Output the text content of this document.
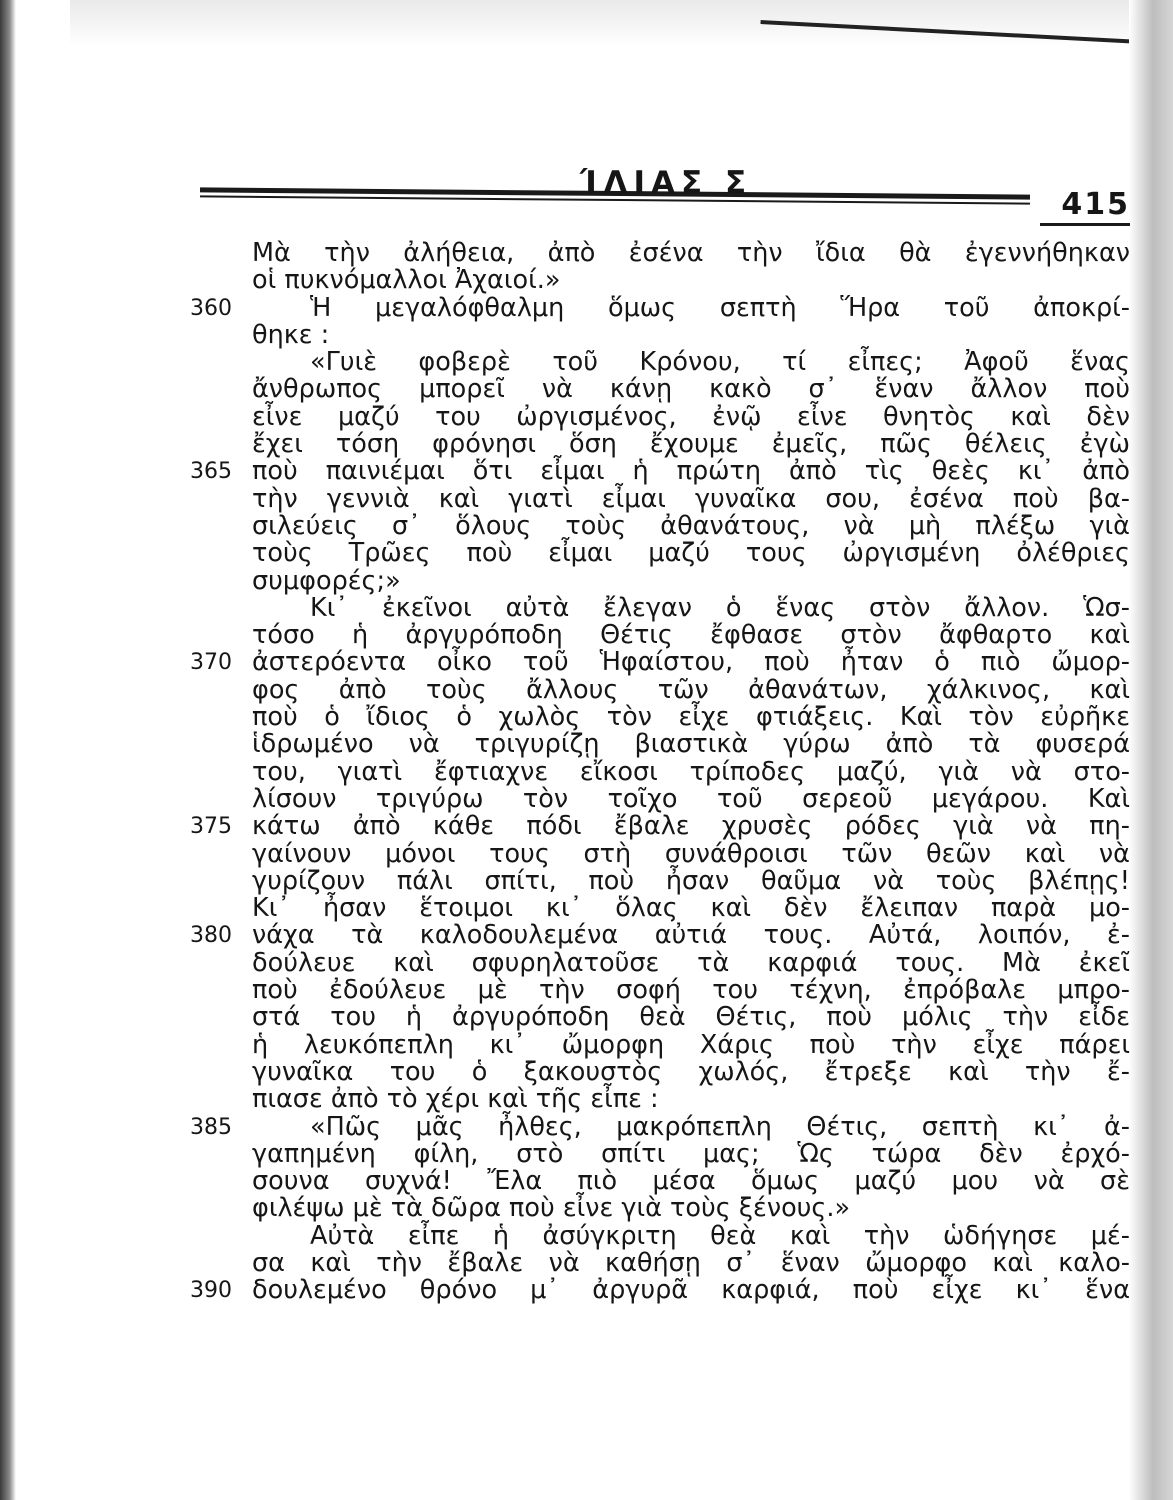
ΊΛΙΑΣ Σ
415
Μὰ τὴν ἀλήθεια, ἀπὸ ἐσένα τὴν ἴδια θὰ ἐγεννήθηκαν
οἱ πυκνόμαλλοι Ἀχαιοί.»
360	Ἡ μεγαλόφθαλμη ὅμως σεπτὴ Ἥρα τοῦ ἀποκρί-
θηκε :
«Γυιὲ φοβερὲ τοῦ Κρόνου, τί εἶπες; Ἀφοῦ ἕνας
ἄνθρωπος μπορεῖ νὰ κάνῃ κακὸ σ᾽ ἕναν ἄλλον ποὺ
εἶνε μαζύ του ὠργισμένος, ἐνῷ εἶνε θνητὸς καὶ δὲν
ἔχει τόση φρόνησι ὅση ἔχουμε ἐμεῖς, πῶς θέλεις ἐγὼ
365 ποὺ παινιέμαι ὅτι εἶμαι ἡ πρώτη ἀπὸ τὶς θεὲς κι᾽ ἀπὸ
τὴν γεννιὰ καὶ γιατὶ εἶμαι γυναῖκα σου, ἐσένα ποὺ βα-
σιλεύεις σ᾽ ὅλους τοὺς ἀθανάτους, νὰ μὴ πλέξω γιὰ
τοὺς Τρῶες ποὺ εἶμαι μαζύ τους ὠργισμένη ὀλέθριες
συμφορές;»
Κι᾽ ἐκεῖνοι αὐτὰ ἔλεγαν ὁ ἕνας στὸν ἄλλον. Ὡσ-
τόσο ἡ ἀργυρόποδη Θέτις ἔφθασε στὸν ἄφθαρτο καὶ
370 ἀστερόεντα οἶκο τοῦ Ἡφαίστου, ποὺ ἦταν ὁ πιὸ ὤμορ-
φος ἀπὸ τοὺς ἄλλους τῶν ἀθανάτων, χάλκινος, καὶ
ποὺ ὁ ἴδιος ὁ χωλὸς τὸν εἶχε φτιάξεις. Καὶ τὸν εὐρῆκε
ἱδρωμένο νὰ τριγυρίζῃ βιαστικὰ γύρω ἀπὸ τὰ φυσερά
του, γιατὶ ἔφτιαχνε εἴκοσι τρίποδες μαζύ, γιὰ νὰ στο-
λίσουν τριγύρω τὸν τοῖχο τοῦ σερεοῦ μεγάρου. Καὶ
375 κάτω ἀπὸ κάθε πόδι ἔβαλε χρυσὲς ρόδες γιὰ νὰ πη-
γαίνουν μόνοι τους στὴ συνάθροισι τῶν θεῶν καὶ νὰ
γυρίζουν πάλι σπίτι, ποὺ ἦσαν θαῦμα νὰ τοὺς βλέπῃς!
Κι᾽ ἦσαν ἕτοιμοι κι᾽ ὅλας καὶ δὲν ἔλειπαν παρὰ μο-
380 νάχα τὰ καλοδουλεμένα αὐτιά τους. Αὐτά, λοιπόν, ἐ-
δούλευε καὶ σφυρηλατοῦσε τὰ καρφιά τους. Μὰ ἐκεῖ
ποὺ ἐδούλευε μὲ τὴν σοφή του τέχνη, ἐπρόβαλε μπρο-
στά του ἡ ἀργυρόποδη θεὰ Θέτις, ποὺ μόλις τὴν εἶδε
ἡ λευκόπεπλη κι᾽ ὤμορφη Χάρις ποὺ τὴν εἶχε πάρει
γυναῖκα του ὁ ξακουστὸς χωλός, ἔτρεξε καὶ τὴν ἔ-
πιασε ἀπὸ τὸ χέρι καὶ τῆς εἶπε :
385	«Πῶς μᾶς ἦλθες, μακρόπεπλη Θέτις, σεπτὴ κι᾽ ἀ-
γαπημένη φίλη, στὸ σπίτι μας; Ὡς τώρα δὲν ἐρχό-
σουνα συχνά! Ἔλα πιὸ μέσα ὅμως μαζύ μου νὰ σὲ
φιλέψω μὲ τὰ δῶρα ποὺ εἶνε γιὰ τοὺς ξένους.»
Αὐτὰ εἶπε ἡ ἀσύγκριτη θεὰ καὶ τὴν ὡδήγησε μέ-
σα καὶ τὴν ἔβαλε νὰ καθήσῃ σ᾽ ἕναν ὤμορφο καὶ καλο-
390 δουλεμένο θρόνο μ᾽ ἀργυρᾶ καρφιά, ποὺ εἶχε κι᾽ ἕνα
